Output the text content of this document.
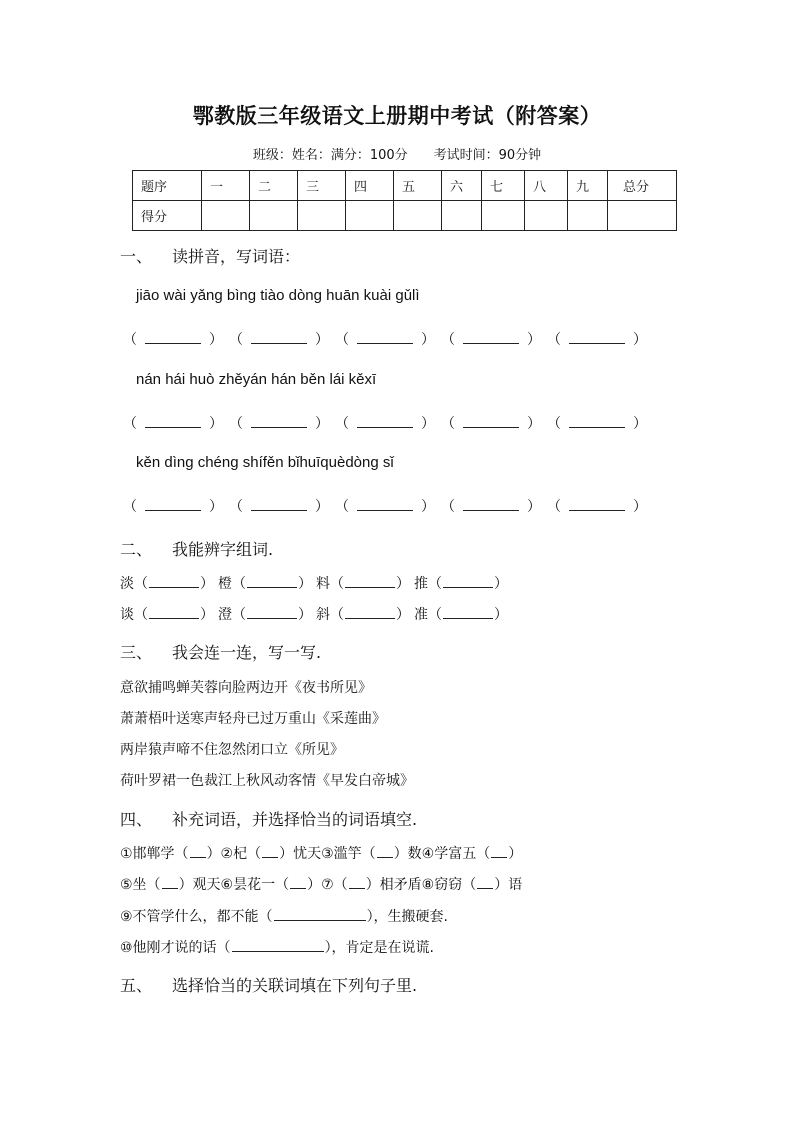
鄂教版三年级语文上册期中考试（附答案）
班级：姓名：满分：100分　　考试时间：90分钟
题序	一	二	三	四	五	六	七	八	九	总分
得分										
一、 读拼音，写词语：
jiāo wài yǎng bìng tiào dòng huān kuài gǔlì
（	） （	） （	） （	） （	）
nán hái huò zhěyán hán běn lái kěxī
（	） （	） （	） （	） （	）
kěn dìng chéng shífěn bǐhuīquèdòng sǐ
（	） （	） （	） （	） （	）
二、 我能辨字组词.
淡（	） 橙（	） 料（	） 推（	）
谈（	） 澄（	） 斜（	） 准（	）
三、 我会连一连，写一写.
意欲捕鸣蝉芙蓉向脸两边开《夜书所见》
萧萧梧叶送寒声轻舟已过万重山《采莲曲》
两岸猿声啼不住忽然闭口立《所见》
荷叶罗裙一色裁江上秋风动客情《早发白帝城》
四、 补充词语，并选择恰当的词语填空.
①邯郸学（ ）②杞（ ）忧天③滥竽（ ）数④学富五（ ）
⑤坐（ ）观天⑥昙花一（ ）⑦（ ）相矛盾⑧窃窃（ ）语
⑨不管学什么，都不能（	），生搬硬套.
⑩他刚才说的话（	），肯定是在说谎.
五、 选择恰当的关联词填在下列句子里.
